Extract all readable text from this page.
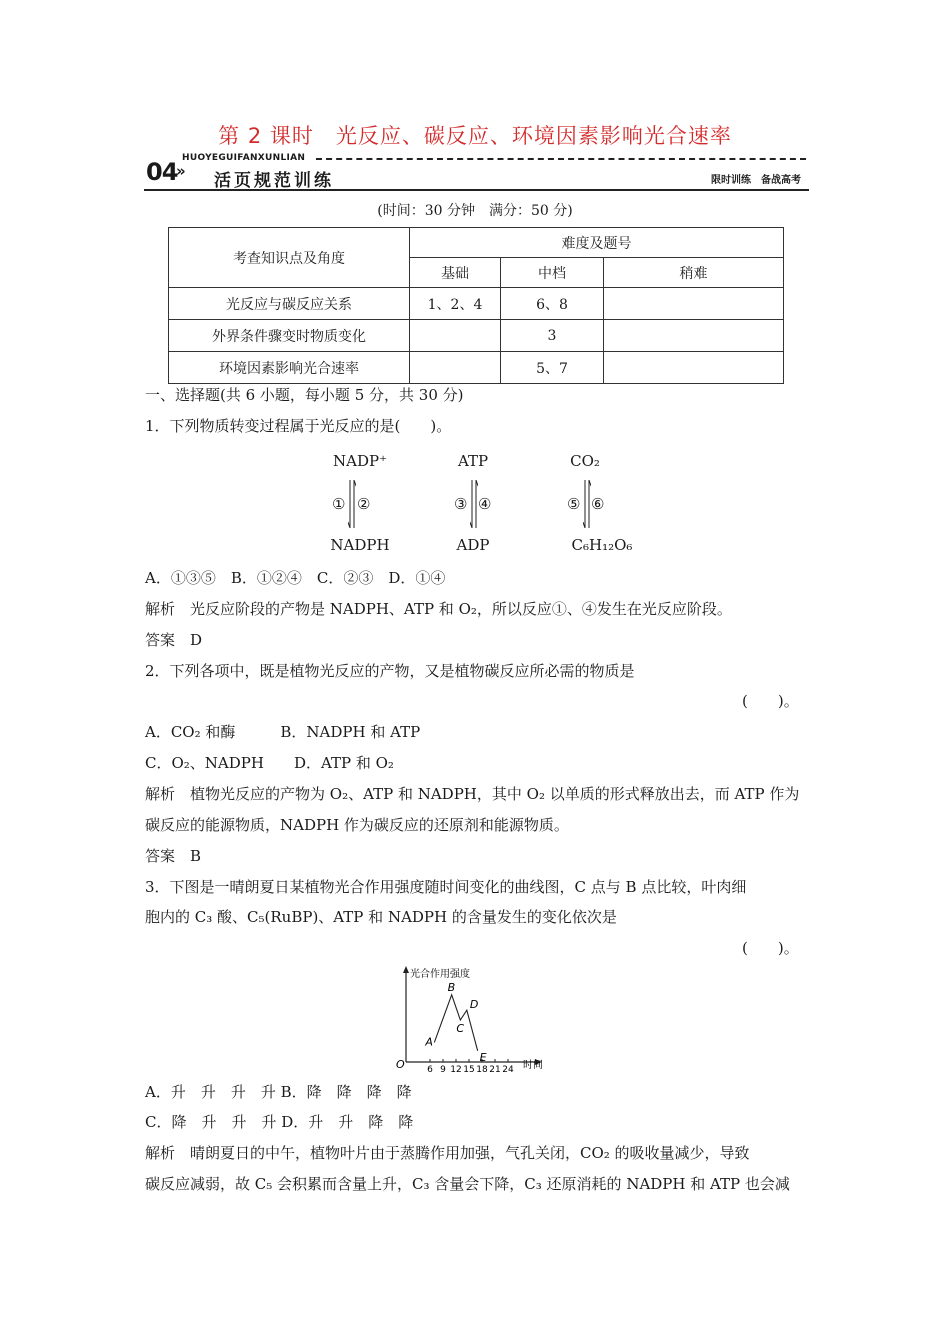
第 2 课时　光反应、碳反应、环境因素影响光合速率
04
»
HUOYEGUIFANXUNLIAN
活页规范训练	限时训练　备战高考
(时间：30 分钟　满分：50 分)
考查知识点及角度	难度及题号		
	基础	中档	稍难
光反应与碳反应关系	1、2、4	6、8	
外界条件骤变时物质变化		3	
环境因素影响光合速率		5、7	
一、选择题(共 6 小题，每小题 5 分，共 30 分)
1．下列物质转变过程属于光反应的是(　　)。
NADP⁺
① ②
NADPH
ATP
③ ④
ADP
CO₂
⑤ ⑥
C₆H₁₂O₆
A．①③⑤　B．①②④　C．②③　D．①④
解析　光反应阶段的产物是 NADPH、ATP 和 O₂，所以反应①、④发生在光反应阶段。
答案　D
2．下列各项中，既是植物光反应的产物，又是植物碳反应所必需的物质是
(　　)。
A．CO₂ 和酶　　　B．NADPH 和 ATP
C．O₂、NADPH　　D．ATP 和 O₂
解析　植物光反应的产物为 O₂、ATP 和 NADPH，其中 O₂ 以单质的形式释放出去，而 ATP 作为
碳反应的能源物质，NADPH 作为碳反应的还原剂和能源物质。
答案　B
3．下图是一晴朗夏日某植物光合作用强度随时间变化的曲线图，C 点与 B 点比较，叶肉细
胞内的 C₃ 酸、C₅(RuBP)、ATP 和 NADPH 的含量发生的变化依次是
(　　)。
光合作用强度
时间
O 6 9 12 15 18 21 24
A
B
C
D
E
A．升　升　升　升 B．降　降　降　降
C．降　升　升　升 D．升　升　降　降
解析　晴朗夏日的中午，植物叶片由于蒸腾作用加强，气孔关闭，CO₂ 的吸收量减少，导致
碳反应减弱，故 C₅ 会积累而含量上升，C₃ 含量会下降，C₃ 还原消耗的 NADPH 和 ATP 也会减
